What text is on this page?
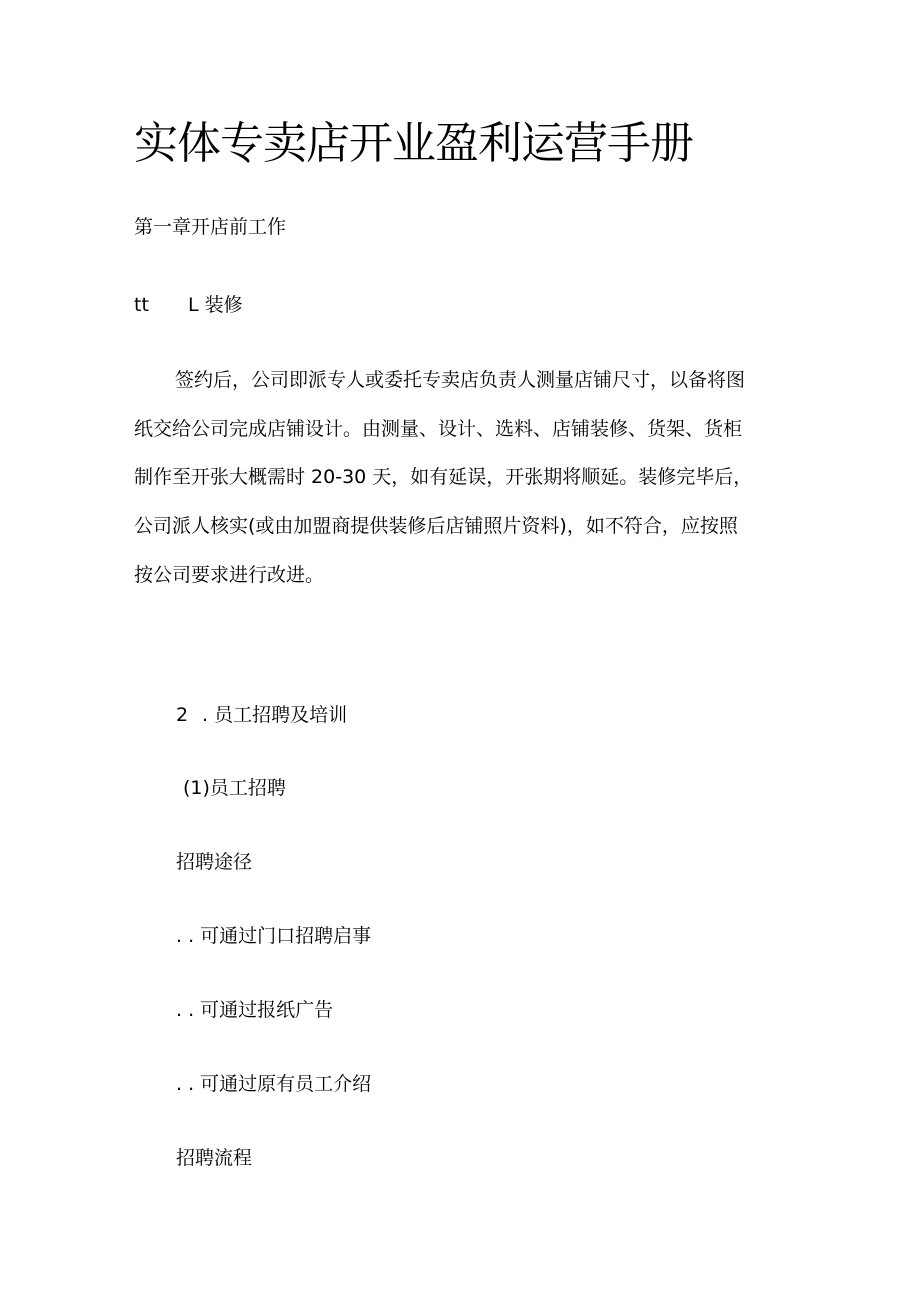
实体专卖店开业盈利运营手册
第一章开店前工作
tt L 装修

签约后，公司即派专人或委托专卖店负责人测量店铺尺寸，以备将图

纸交给公司完成店铺设计。由测量、设计、选料、店铺装修、货架、货柜

制作至开张大概需时 20-30 天，如有延误，开张期将顺延。装修完毕后，

公司派人核实(或由加盟商提供装修后店铺照片资料)，如不符合，应按照

按公司要求进行改进。

2 . 员工招聘及培训
(1)员工招聘
招聘途径
. . 可通过门口招聘启事
. . 可通过报纸广告
. . 可通过原有员工介绍
招聘流程
